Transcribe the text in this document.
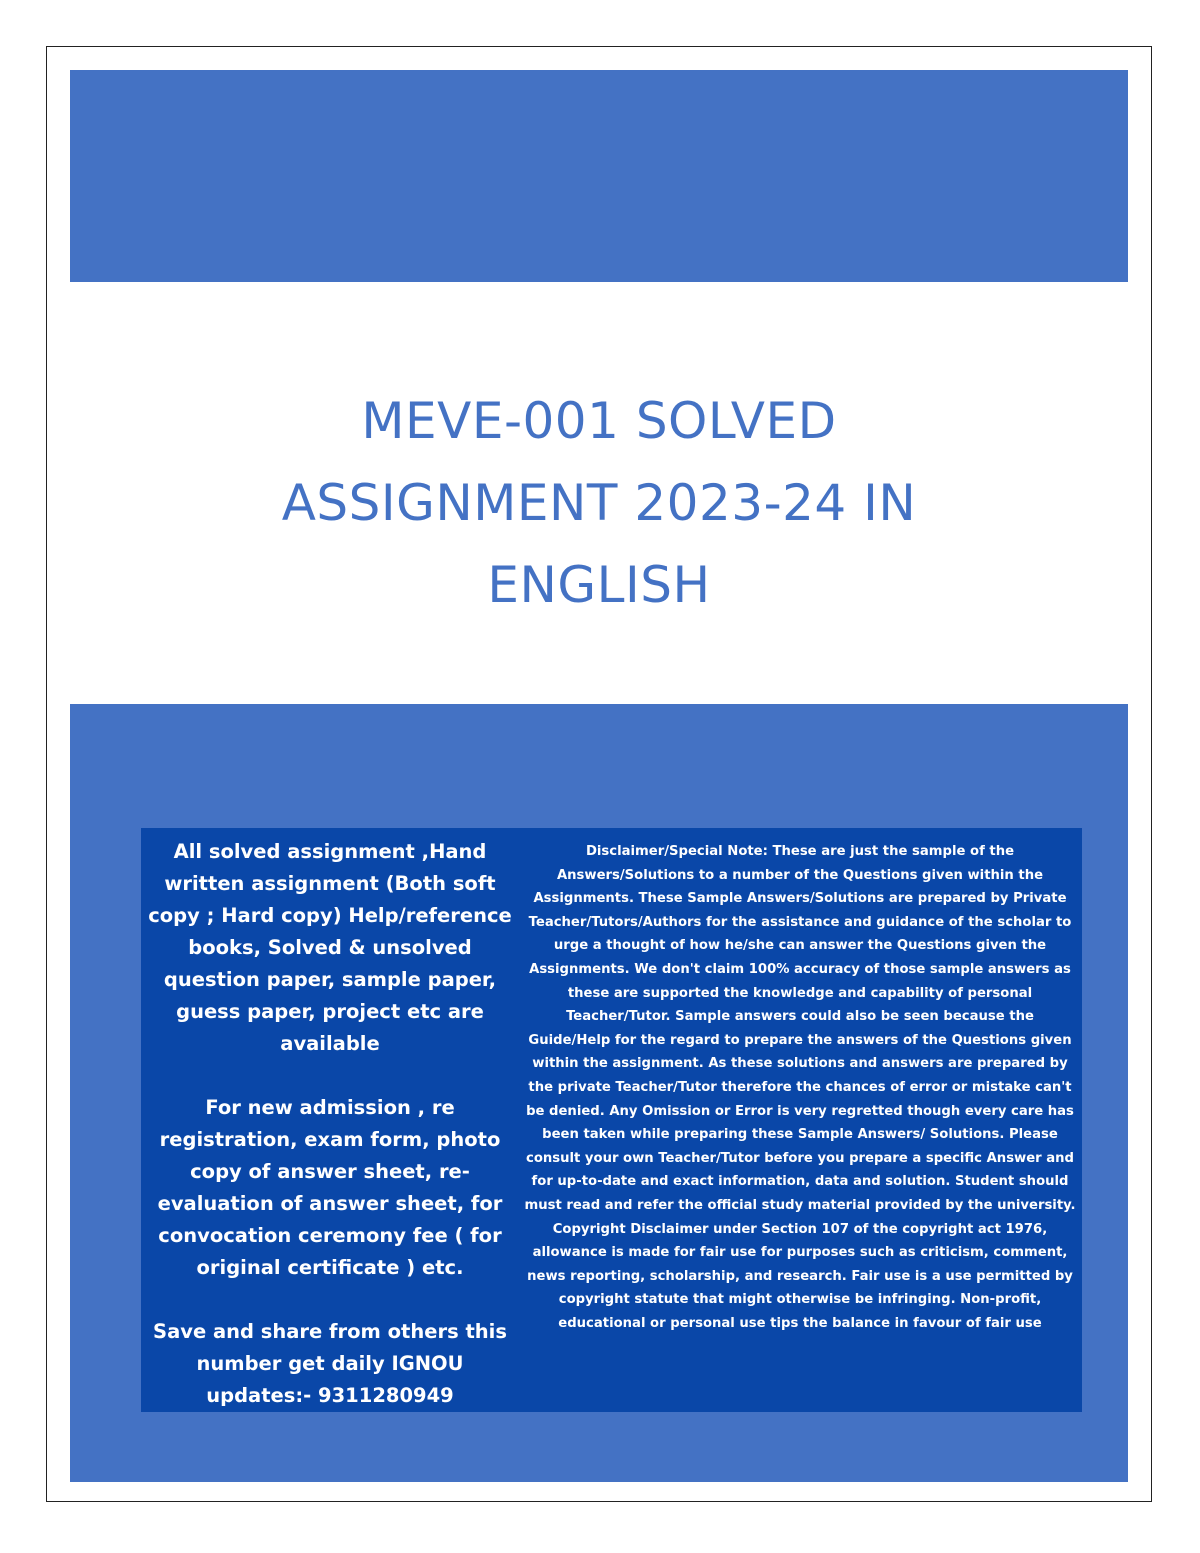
MEVE-001 SOLVED
ASSIGNMENT 2023-24 IN
ENGLISH

All solved assignment ,Hand written assignment (Both soft copy ; Hard copy) Help/reference books, Solved & unsolved question paper, sample paper, guess paper, project etc are available

For new admission , re registration, exam form, photo copy of answer sheet, re-evaluation of answer sheet, for convocation ceremony fee ( for original certificate ) etc.

Save and share from others this number get daily IGNOU updates:- 9311280949

Disclaimer/Special Note: These are just the sample of the Answers/Solutions to a number of the Questions given within the Assignments. These Sample Answers/Solutions are prepared by Private Teacher/Tutors/Authors for the assistance and guidance of the scholar to urge a thought of how he/she can answer the Questions given the Assignments. We don't claim 100% accuracy of those sample answers as these are supported the knowledge and capability of personal Teacher/Tutor. Sample answers could also be seen because the Guide/Help for the regard to prepare the answers of the Questions given within the assignment. As these solutions and answers are prepared by the private Teacher/Tutor therefore the chances of error or mistake can't be denied. Any Omission or Error is very regretted though every care has been taken while preparing these Sample Answers/ Solutions. Please consult your own Teacher/Tutor before you prepare a specific Answer and for up-to-date and exact information, data and solution. Student should must read and refer the official study material provided by the university.

Copyright Disclaimer under Section 107 of the copyright act 1976, allowance is made for fair use for purposes such as criticism, comment, news reporting, scholarship, and research. Fair use is a use permitted by copyright statute that might otherwise be infringing. Non-profit, educational or personal use tips the balance in favour of fair use
